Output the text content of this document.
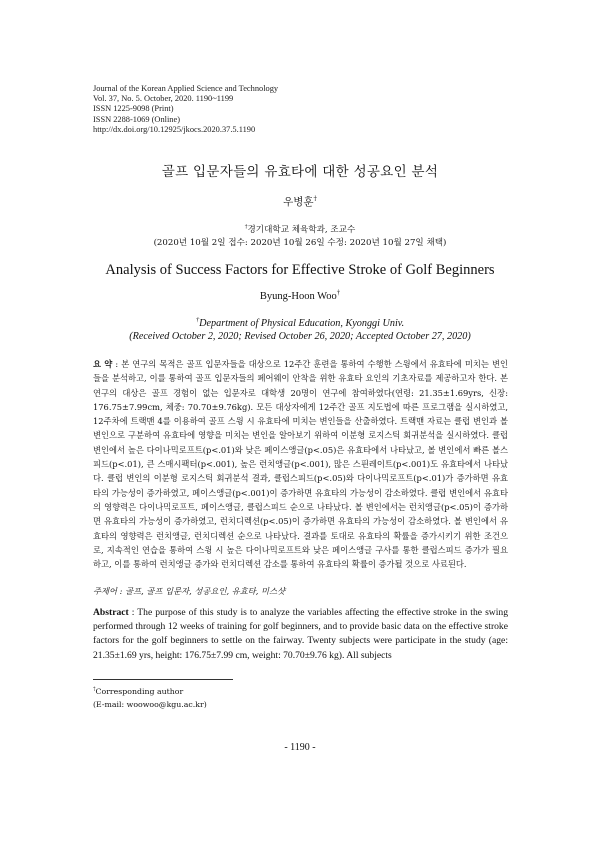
Journal of the Korean Applied Science and Technology
Vol. 37, No. 5. October, 2020. 1190~1199
ISSN 1225-9098 (Print)
ISSN 2288-1069 (Online)
http://dx.doi.org/10.12925/jkocs.2020.37.5.1190
골프 입문자들의 유효타에 대한 성공요인 분석
우병훈†
†경기대학교 체육학과, 조교수
(2020년 10월 2일 접수: 2020년 10월 26일 수정: 2020년 10월 27일 채택)
Analysis of Success Factors for Effective Stroke of Golf Beginners
Byung-Hoon Woo†
†Department of Physical Education, Kyonggi Univ.
(Received October 2, 2020; Revised October 26, 2020; Accepted October 27, 2020)
요 약 : 본 연구의 목적은 골프 입문자들을 대상으로 12주간 훈련을 통하여 수행한 스윙에서 유효타에 미치는 변인들을 분석하고, 이를 통하여 골프 입문자들의 페어웨이 안착을 위한 유효타 요인의 기초자료를 제공하고자 한다. 본 연구의 대상은 골프 경험이 없는 입문자로 대학생 20명이 연구에 참여하였다(연령: 21.35±1.69yrs, 신장: 176.75±7.99cm, 체중: 70.70±9.76kg). 모든 대상자에게 12주간 골프 지도법에 따른 프로그램을 실시하였고, 12주차에 트랙맨 4를 이용하여 골프 스윙 시 유효타에 미치는 변인들을 산출하였다. 트랙맨 자료는 클럽 변인과 볼 변인으로 구분하여 유효타에 영향을 미치는 변인을 알아보기 위하여 이분형 로지스틱 회귀분석을 실시하였다. 클럽 변인에서 높은 다이나믹로프트(p<.01)와 낮은 페이스앵글(p<.05)은 유효타에서 나타났고, 볼 변인에서 빠른 볼스피드(p<.01), 큰 스매시팩터(p<.001), 높은 런치앵글(p<.001), 많은 스핀레이트(p<.001)도 유효타에서 나타났다. 클럽 변인의 이분형 로지스틱 회귀분석 결과, 클럽스피드(p<.05)와 다이나믹로프트(p<.01)가 증가하면 유효타의 가능성이 증가하였고, 페이스앵글(p<.001)이 증가하면 유효타의 가능성이 감소하였다. 클럽 변인에서 유효타의 영향력은 다이나믹로프트, 페이스앵글, 클럽스피드 순으로 나타났다. 볼 변인에서는 런치앵글(p<.05)이 증가하면 유효타의 가능성이 증가하였고, 런치디렉션(p<.05)이 증가하면 유효타의 가능성이 감소하였다. 볼 변인에서 유효타의 영향력은 런치앵글, 런치디렉션 순으로 나타났다. 결과를 토대로 유효타의 확률을 증가시키기 위한 조건으로, 지속적인 연습을 통하여 스윙 시 높은 다이나믹로프트와 낮은 페이스앵글 구사를 통한 클럽스피드 증가가 필요하고, 이를 통하여 런치앵글 증가와 런치디렉션 감소를 통하여 유효타의 확률이 증가될 것으로 사료된다.
주제어 : 골프, 골프 입문자, 성공요인, 유효타, 미스샷
Abstract : The purpose of this study is to analyze the variables affecting the effective stroke in the swing performed through 12 weeks of training for golf beginners, and to provide basic data on the effective stroke factors for the golf beginners to settle on the fairway. Twenty subjects were participate in the study (age: 21.35±1.69 yrs, height: 176.75±7.99 cm, weight: 70.70±9.76 kg). All subjects
†Corresponding author
(E-mail: woowoo@kgu.ac.kr)
- 1190 -
